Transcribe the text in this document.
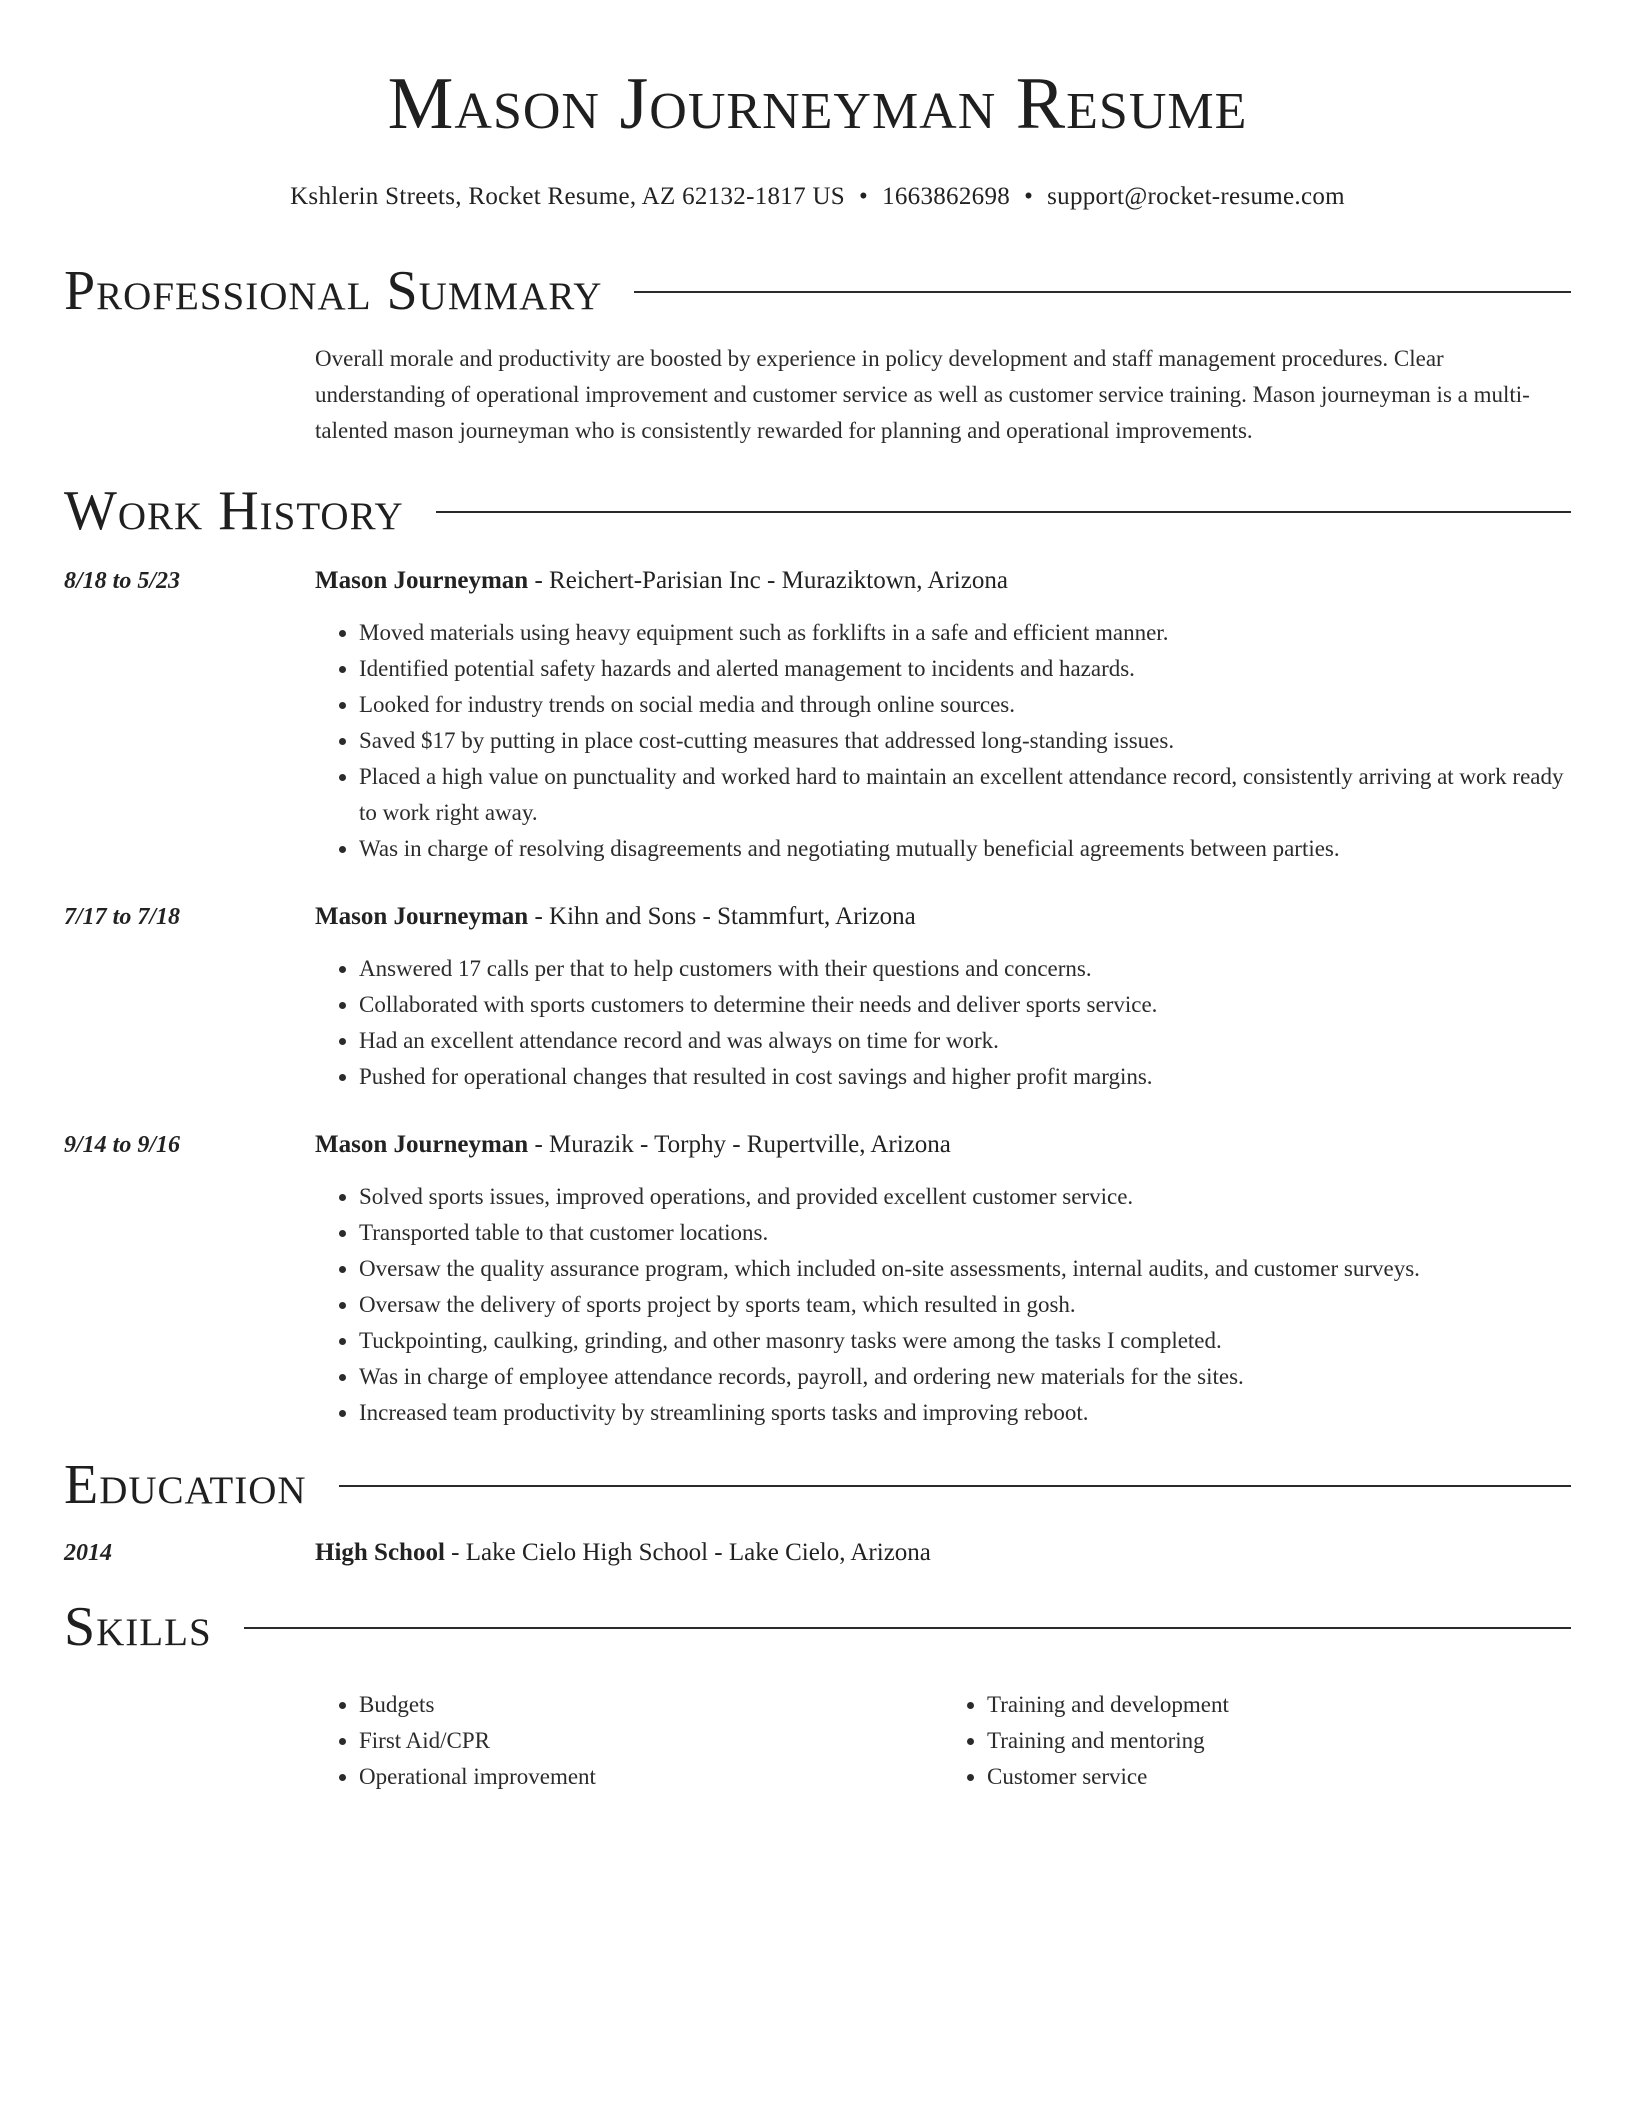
Mason Journeyman Resume
Kshlerin Streets, Rocket Resume, AZ 62132-1817 US • 1663862698 • support@rocket-resume.com
Professional Summary
Overall morale and productivity are boosted by experience in policy development and staff management procedures. Clear understanding of operational improvement and customer service as well as customer service training. Mason journeyman is a multi-talented mason journeyman who is consistently rewarded for planning and operational improvements.
Work History
8/18 to 5/23	Mason Journeyman - Reichert-Parisian Inc - Muraziktown, Arizona
• Moved materials using heavy equipment such as forklifts in a safe and efficient manner.
• Identified potential safety hazards and alerted management to incidents and hazards.
• Looked for industry trends on social media and through online sources.
• Saved $17 by putting in place cost-cutting measures that addressed long-standing issues.
• Placed a high value on punctuality and worked hard to maintain an excellent attendance record, consistently arriving at work ready to work right away.
• Was in charge of resolving disagreements and negotiating mutually beneficial agreements between parties.
7/17 to 7/18	Mason Journeyman - Kihn and Sons - Stammfurt, Arizona
• Answered 17 calls per that to help customers with their questions and concerns.
• Collaborated with sports customers to determine their needs and deliver sports service.
• Had an excellent attendance record and was always on time for work.
• Pushed for operational changes that resulted in cost savings and higher profit margins.
9/14 to 9/16	Mason Journeyman - Murazik - Torphy - Rupertville, Arizona
• Solved sports issues, improved operations, and provided excellent customer service.
• Transported table to that customer locations.
• Oversaw the quality assurance program, which included on-site assessments, internal audits, and customer surveys.
• Oversaw the delivery of sports project by sports team, which resulted in gosh.
• Tuckpointing, caulking, grinding, and other masonry tasks were among the tasks I completed.
• Was in charge of employee attendance records, payroll, and ordering new materials for the sites.
• Increased team productivity by streamlining sports tasks and improving reboot.
Education
2014	High School - Lake Cielo High School - Lake Cielo, Arizona
Skills
• Budgets
• First Aid/CPR
• Operational improvement
• Training and development
• Training and mentoring
• Customer service
